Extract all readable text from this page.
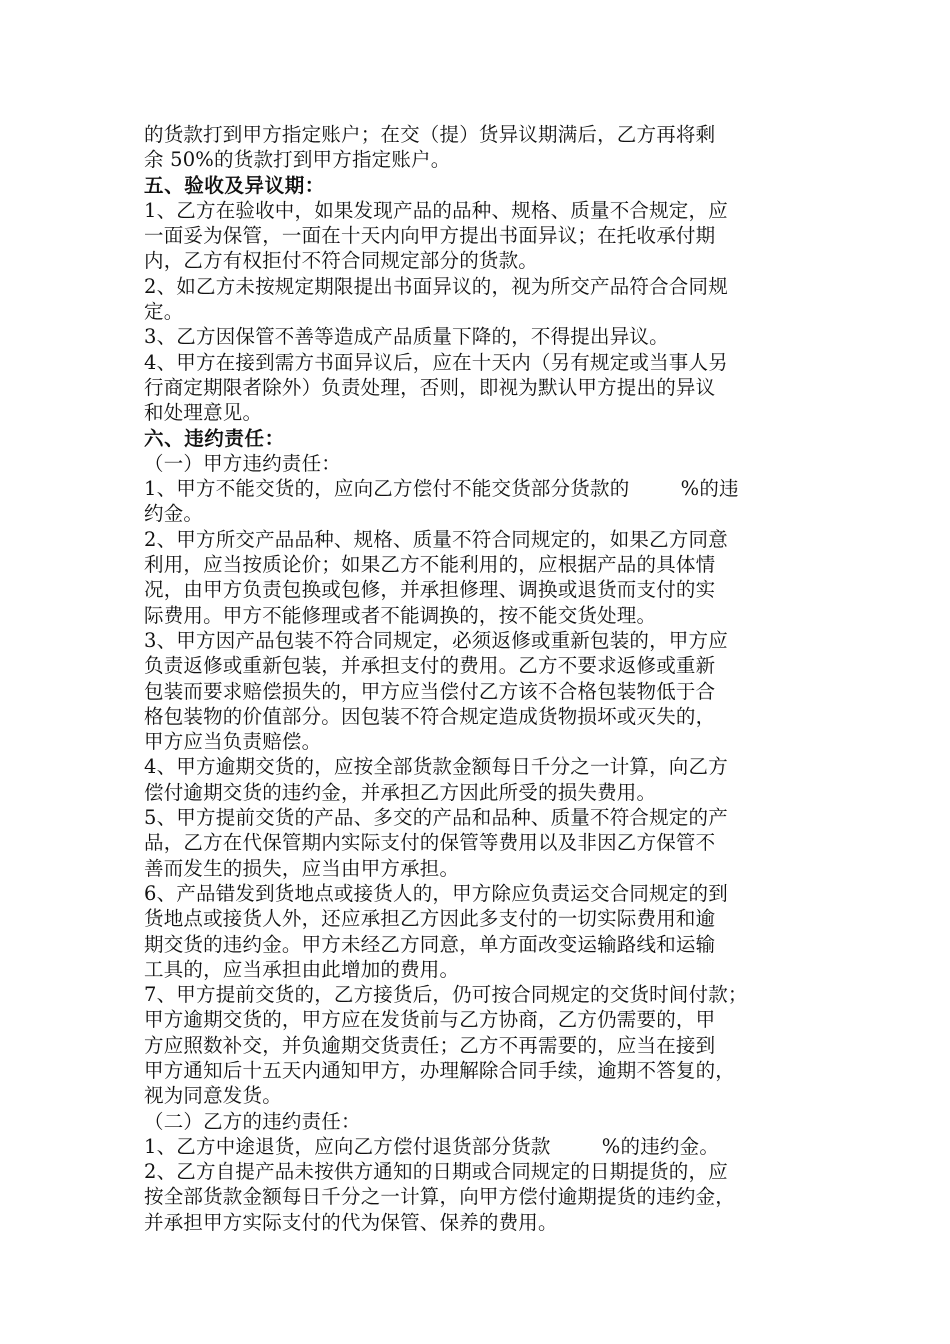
的货款打到甲方指定账户；在交（提）货异议期满后，乙方再将剩
余 50%的货款打到甲方指定账户。
五、验收及异议期：
1、乙方在验收中，如果发现产品的品种、规格、质量不合规定，应
一面妥为保管，一面在十天内向甲方提出书面异议；在托收承付期
内，乙方有权拒付不符合同规定部分的货款。
2、如乙方未按规定期限提出书面异议的，视为所交产品符合合同规
定。
3、乙方因保管不善等造成产品质量下降的，不得提出异议。
4、甲方在接到需方书面异议后，应在十天内（另有规定或当事人另
行商定期限者除外）负责处理，否则，即视为默认甲方提出的异议
和处理意见。
六、违约责任：
（一）甲方违约责任：
1、甲方不能交货的，应向乙方偿付不能交货部分货款的        %的违
约金。
2、甲方所交产品品种、规格、质量不符合同规定的，如果乙方同意
利用，应当按质论价；如果乙方不能利用的，应根据产品的具体情
况，由甲方负责包换或包修，并承担修理、调换或退货而支付的实
际费用。甲方不能修理或者不能调换的，按不能交货处理。
3、甲方因产品包装不符合同规定，必须返修或重新包装的，甲方应
负责返修或重新包装，并承担支付的费用。乙方不要求返修或重新
包装而要求赔偿损失的，甲方应当偿付乙方该不合格包装物低于合
格包装物的价值部分。因包装不符合规定造成货物损坏或灭失的，
甲方应当负责赔偿。
4、甲方逾期交货的，应按全部货款金额每日千分之一计算，向乙方
偿付逾期交货的违约金，并承担乙方因此所受的损失费用。
5、甲方提前交货的产品、多交的产品和品种、质量不符合规定的产
品，乙方在代保管期内实际支付的保管等费用以及非因乙方保管不
善而发生的损失，应当由甲方承担。
6、产品错发到货地点或接货人的，甲方除应负责运交合同规定的到
货地点或接货人外，还应承担乙方因此多支付的一切实际费用和逾
期交货的违约金。甲方未经乙方同意，单方面改变运输路线和运输
工具的，应当承担由此增加的费用。
7、甲方提前交货的，乙方接货后，仍可按合同规定的交货时间付款；
甲方逾期交货的，甲方应在发货前与乙方协商，乙方仍需要的，甲
方应照数补交，并负逾期交货责任；乙方不再需要的，应当在接到
甲方通知后十五天内通知甲方，办理解除合同手续，逾期不答复的，
视为同意发货。
（二）乙方的违约责任：
1、乙方中途退货，应向乙方偿付退货部分货款        %的违约金。
2、乙方自提产品未按供方通知的日期或合同规定的日期提货的，应
按全部货款金额每日千分之一计算，向甲方偿付逾期提货的违约金，
并承担甲方实际支付的代为保管、保养的费用。
